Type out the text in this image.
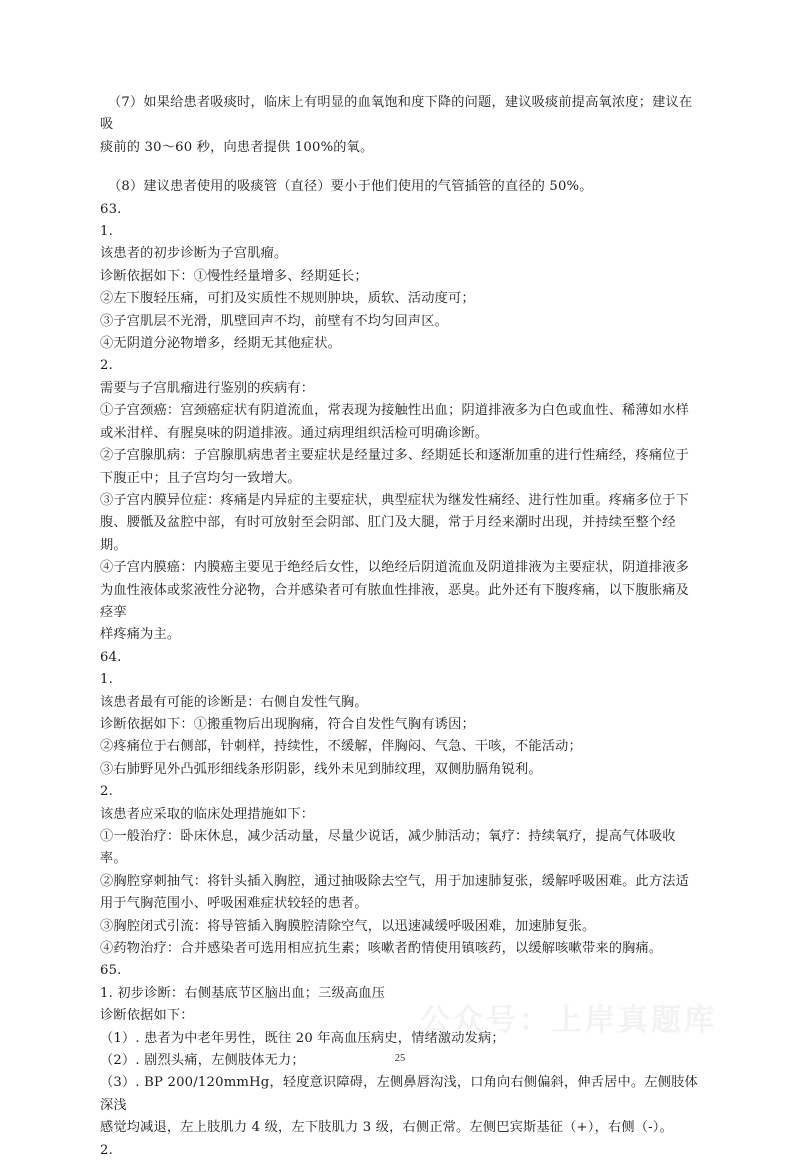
（7）如果给患者吸痰时，临床上有明显的血氧饱和度下降的问题，建议吸痰前提高氧浓度；建议在吸

痰前的 30～60 秒，向患者提供 100%的氧。

（8）建议患者使用的吸痰管（直径）要小于他们使用的气管插管的直径的 50%。

63.

1.

该患者的初步诊断为子宫肌瘤。

诊断依据如下：①慢性经量增多、经期延长；

②左下腹轻压痛，可扪及实质性不规则肿块，质软、活动度可；

③子宫肌层不光滑，肌壁回声不均，前壁有不均匀回声区。

④无阴道分泌物增多，经期无其他症状。

2.

需要与子宫肌瘤进行鉴别的疾病有：

①子宫颈癌：宫颈癌症状有阴道流血，常表现为接触性出血；阴道排液多为白色或血性、稀薄如水样

或米泔样、有腥臭味的阴道排液。通过病理组织活检可明确诊断。

②子宫腺肌病：子宫腺肌病患者主要症状是经量过多、经期延长和逐渐加重的进行性痛经，疼痛位于

下腹正中；且子宫均匀一致增大。

③子宫内膜异位症：疼痛是内异症的主要症状，典型症状为继发性痛经、进行性加重。疼痛多位于下

腹、腰骶及盆腔中部，有时可放射至会阴部、肛门及大腿，常于月经来潮时出现，并持续至整个经期。

④子宫内膜癌：内膜癌主要见于绝经后女性，以绝经后阴道流血及阴道排液为主要症状，阴道排液多

为血性液体或浆液性分泌物，合并感染者可有脓血性排液，恶臭。此外还有下腹疼痛，以下腹胀痛及痉挛

样疼痛为主。

64.

1.

该患者最有可能的诊断是：右侧自发性气胸。

诊断依据如下：①搬重物后出现胸痛，符合自发性气胸有诱因；

②疼痛位于右侧部，针刺样，持续性，不缓解，伴胸闷、气急、干咳，不能活动；

③右肺野见外凸弧形细线条形阴影，线外未见到肺纹理，双侧肋膈角锐利。

2.

该患者应采取的临床处理措施如下：

①一般治疗：卧床休息，减少活动量，尽量少说话，减少肺活动；氧疗：持续氧疗，提高气体吸收率。

②胸腔穿刺抽气：将针头插入胸腔，通过抽吸除去空气，用于加速肺复张，缓解呼吸困难。此方法适

用于气胸范围小、呼吸困难症状较轻的患者。

③胸腔闭式引流：将导管插入胸膜腔清除空气，以迅速减缓呼吸困难，加速肺复张。

④药物治疗：合并感染者可选用相应抗生素；咳嗽者酌情使用镇咳药，以缓解咳嗽带来的胸痛。

65.

1. 初步诊断：右侧基底节区脑出血；三级高血压

诊断依据如下：

（1）. 患者为中老年男性，既往 20 年高血压病史，情绪激动发病；

（2）. 剧烈头痛，左侧肢体无力；

（3）. BP 200/120mmHg，轻度意识障碍，左侧鼻唇沟浅，口角向右侧偏斜，伸舌居中。左侧肢体深浅

感觉均减退，左上肢肌力 4 级，左下肢肌力 3 级，右侧正常。左侧巴宾斯基征（+），右侧（-）。

2.

公众号：上岸真题库
25
